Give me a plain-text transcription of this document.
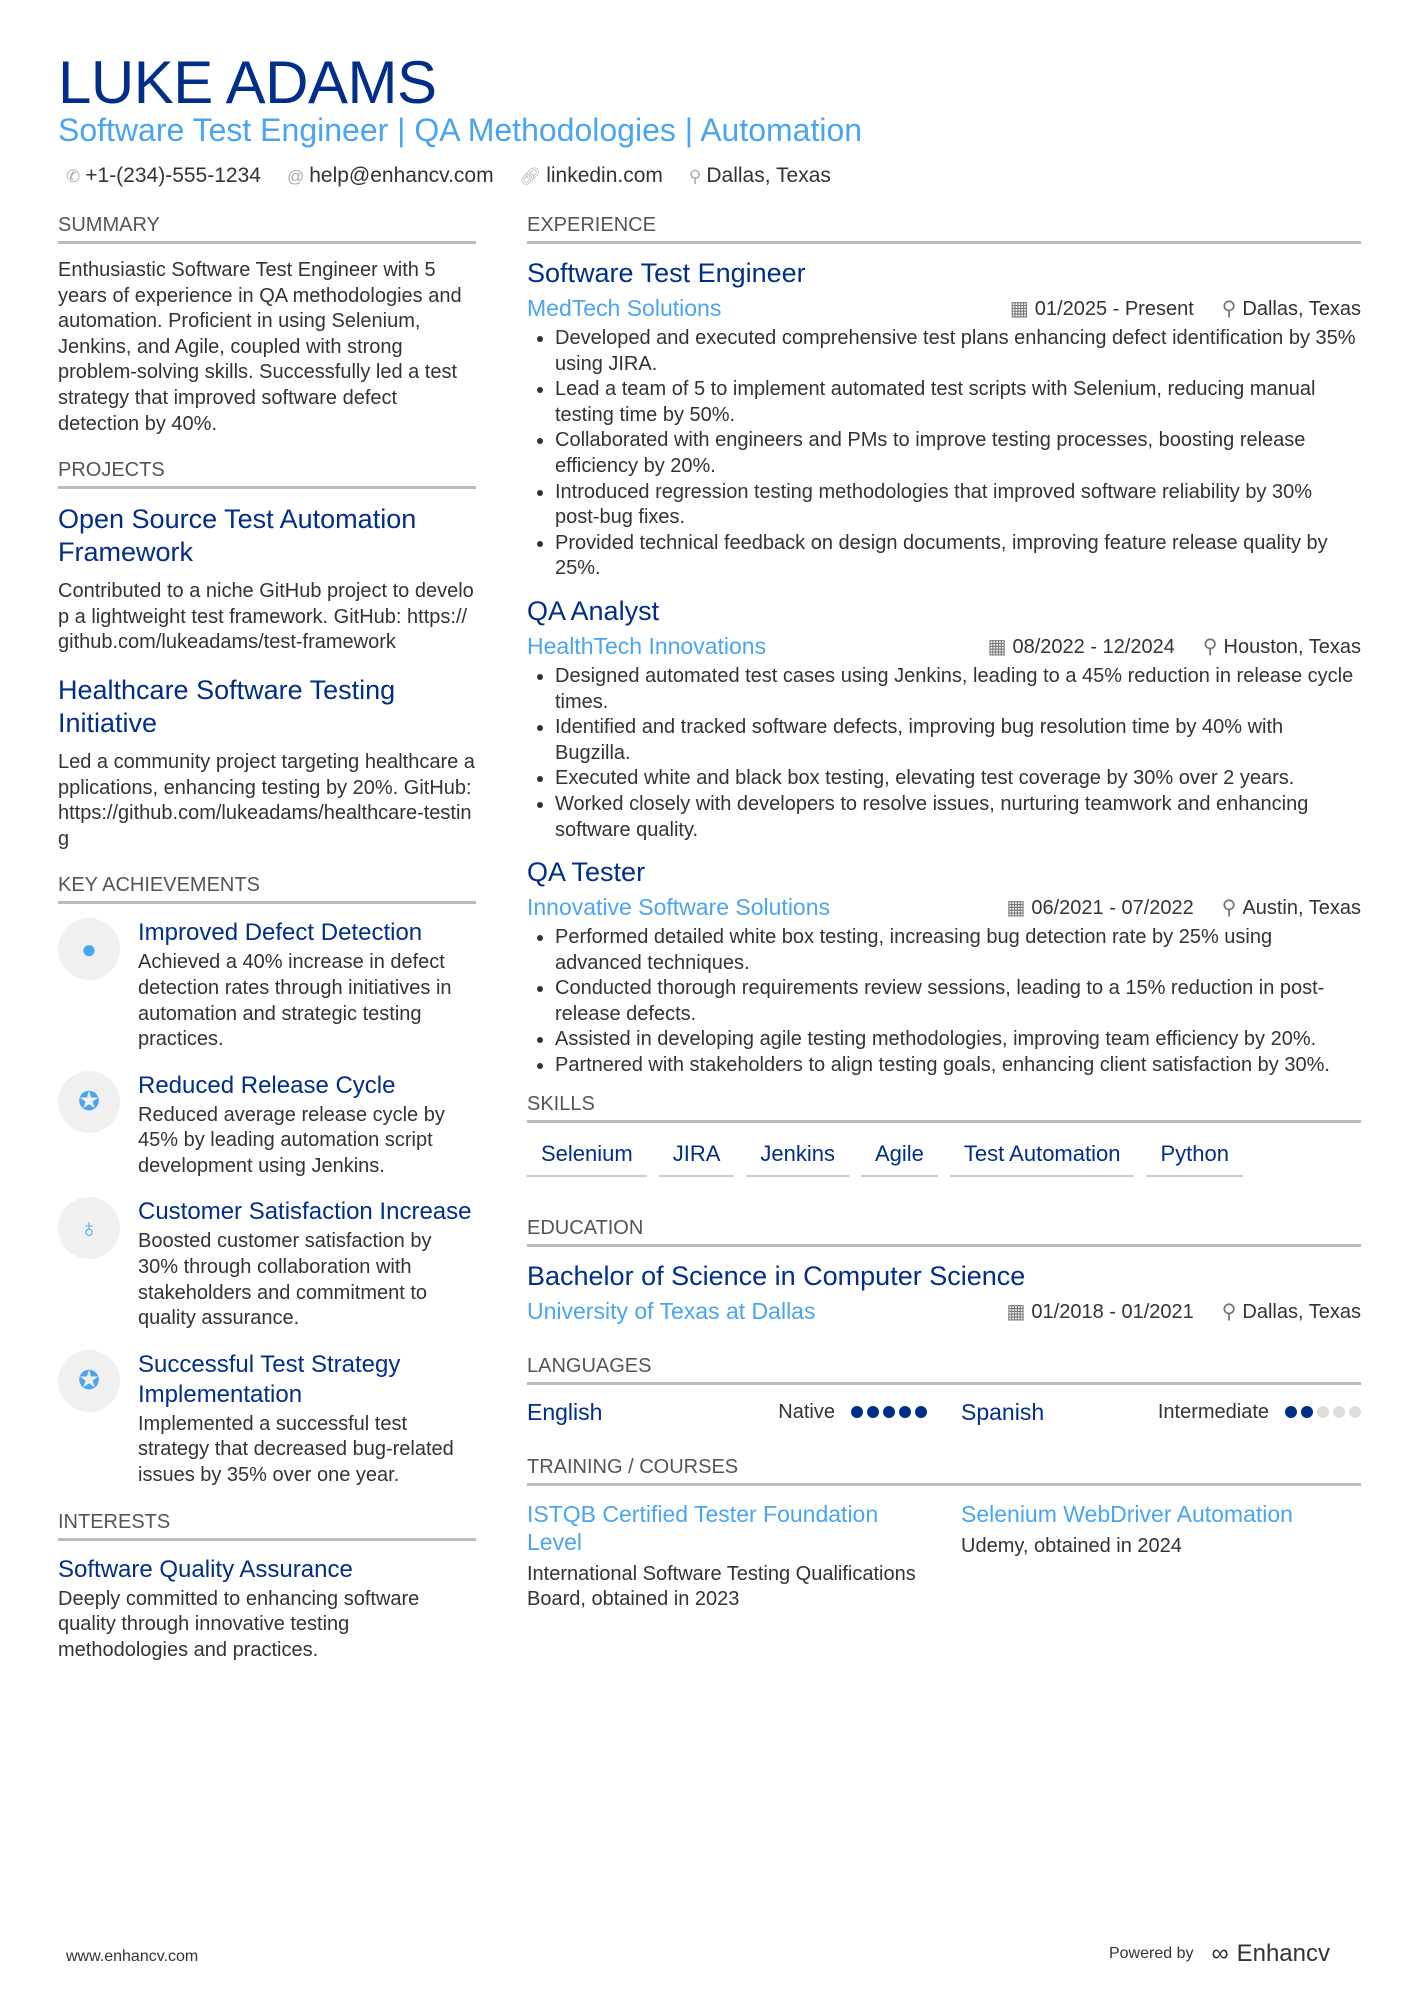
LUKE ADAMS
Software Test Engineer | QA Methodologies | Automation
✆ +1-(234)-555-1234 @ help@enhancv.com 🔗︎ linkedin.com ⚲ Dallas, Texas
SUMMARY
Enthusiastic Software Test Engineer with 5 years of experience in QA methodologies and automation. Proficient in using Selenium, Jenkins, and Agile, coupled with strong problem-solving skills. Successfully led a test strategy that improved software defect detection by 40%.
PROJECTS
Open Source Test Automation Framework
Contributed to a niche GitHub project to develop a lightweight test framework. GitHub: https://github.com/lukeadams/test-framework
Healthcare Software Testing Initiative
Led a community project targeting healthcare applications, enhancing testing by 20%. GitHub: https://github.com/lukeadams/healthcare-testing
KEY ACHIEVEMENTS
●
Improved Defect Detection
Achieved a 40% increase in defect detection rates through initiatives in automation and strategic testing practices.
✪
Reduced Release Cycle
Reduced average release cycle by 45% by leading automation script development using Jenkins.
♁
Customer Satisfaction Increase
Boosted customer satisfaction by 30% through collaboration with stakeholders and commitment to quality assurance.
✪
Successful Test Strategy Implementation
Implemented a successful test strategy that decreased bug-related issues by 35% over one year.
INTERESTS
Software Quality Assurance
Deeply committed to enhancing software quality through innovative testing methodologies and practices.
EXPERIENCE
Software Test Engineer
MedTech Solutions	▦ 01/2025 - Present ⚲ Dallas, Texas
• Developed and executed comprehensive test plans enhancing defect identification by 35% using JIRA.
• Lead a team of 5 to implement automated test scripts with Selenium, reducing manual testing time by 50%.
• Collaborated with engineers and PMs to improve testing processes, boosting release efficiency by 20%.
• Introduced regression testing methodologies that improved software reliability by 30% post-bug fixes.
• Provided technical feedback on design documents, improving feature release quality by 25%.
QA Analyst
HealthTech Innovations	▦ 08/2022 - 12/2024 ⚲ Houston, Texas
• Designed automated test cases using Jenkins, leading to a 45% reduction in release cycle times.
• Identified and tracked software defects, improving bug resolution time by 40% with Bugzilla.
• Executed white and black box testing, elevating test coverage by 30% over 2 years.
• Worked closely with developers to resolve issues, nurturing teamwork and enhancing software quality.
QA Tester
Innovative Software Solutions	▦ 06/2021 - 07/2022 ⚲ Austin, Texas
• Performed detailed white box testing, increasing bug detection rate by 25% using advanced techniques.
• Conducted thorough requirements review sessions, leading to a 15% reduction in post-release defects.
• Assisted in developing agile testing methodologies, improving team efficiency by 20%.
• Partnered with stakeholders to align testing goals, enhancing client satisfaction by 30%.
SKILLS
Selenium	JIRA	Jenkins	Agile	Test Automation	Python
EDUCATION
Bachelor of Science in Computer Science
University of Texas at Dallas	▦ 01/2018 - 01/2021 ⚲ Dallas, Texas
LANGUAGES
English	Native	Spanish	Intermediate
TRAINING / COURSES
ISTQB Certified Tester Foundation Level
International Software Testing Qualifications Board, obtained in 2023
Selenium WebDriver Automation
Udemy, obtained in 2024
www.enhancv.com	Powered by ∞ Enhancv
